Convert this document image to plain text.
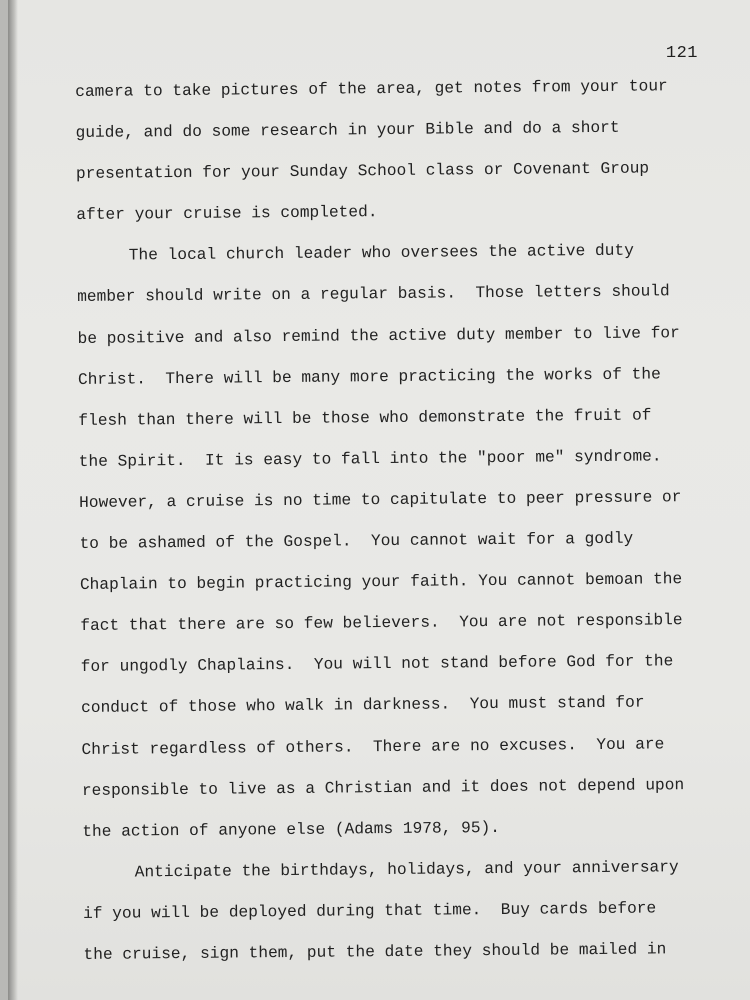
121
camera to take pictures of the area, get notes from your tour
guide, and do some research in your Bible and do a short
presentation for your Sunday School class or Covenant Group
after your cruise is completed.
The local church leader who oversees the active duty
member should write on a regular basis.  Those letters should
be positive and also remind the active duty member to live for
Christ.  There will be many more practicing the works of the
flesh than there will be those who demonstrate the fruit of
the Spirit.  It is easy to fall into the "poor me" syndrome.
However, a cruise is no time to capitulate to peer pressure or
to be ashamed of the Gospel.  You cannot wait for a godly
Chaplain to begin practicing your faith. You cannot bemoan the
fact that there are so few believers.  You are not responsible
for ungodly Chaplains.  You will not stand before God for the
conduct of those who walk in darkness.  You must stand for
Christ regardless of others.  There are no excuses.  You are
responsible to live as a Christian and it does not depend upon
the action of anyone else (Adams 1978, 95).
Anticipate the birthdays, holidays, and your anniversary
if you will be deployed during that time.  Buy cards before
the cruise, sign them, put the date they should be mailed in
